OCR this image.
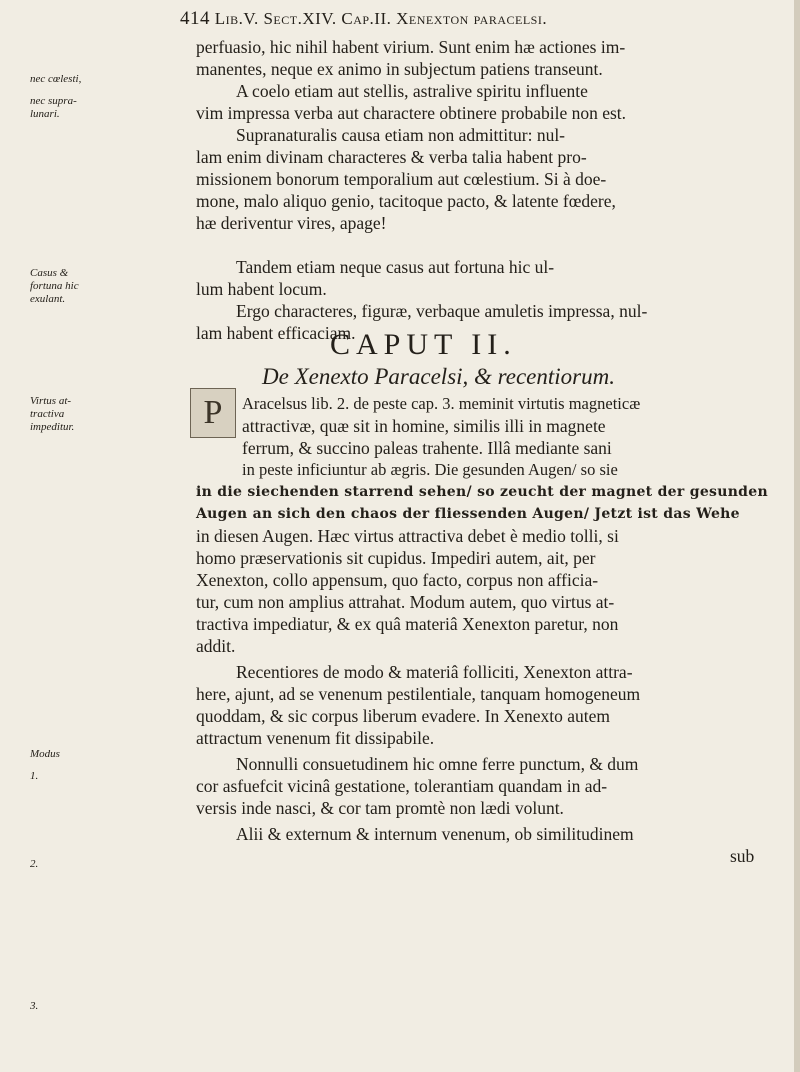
414 Lib.V. Sect.XIV. Cap.II. Xenexton paracelsi.
nec cœlesti,
nec supra-
lunari.
Casus &
fortuna hic
exulant.
Virtus at-
tractiva
impeditur.
Modus
1.
2.
3.
perfuasio, hic nihil habent virium. Sunt enim hæ actiones im-
manentes, neque ex animo in subjectum patiens transeunt.
A coelo etiam aut stellis, astralive spiritu influente
vim impressa verba aut charactere obtinere probabile non est.
Supranaturalis causa etiam non admittitur: nul-
lam enim divinam characteres & verba talia habent pro-
missionem bonorum temporalium aut cœlestium. Si à doe-
mone, malo aliquo genio, tacitoque pacto, & latente fœdere,
hæ deriventur vires, apage!
Tandem etiam neque casus aut fortuna hic ul-
lum habent locum.
Ergo characteres, figuræ, verbaque amuletis impressa, nul-
lam habent efficaciam.
CAPUT II.
De Xenexto Paracelsi, & recentiorum.
P	Aracelsus lib. 2. de peste cap. 3. meminit virtutis magneticæ
attractivæ, quæ sit in homine, similis illi in magnete
ferrum, & succino paleas trahente. Illâ mediante sani
in peste inficiuntur ab ægris. Die gesunden Augen/ so sie
in die siechenden starrend sehen/ so zeucht der magnet der gesunden
Augen an sich den chaos der fliessenden Augen/ Jetzt ist das Wehe
in diesen Augen. Hæc virtus attractiva debet è medio tolli, si
homo præservationis sit cupidus. Impediri autem, ait, per
Xenexton, collo appensum, quo facto, corpus non afficia-
tur, cum non amplius attrahat. Modum autem, quo virtus at-
tractiva impediatur, & ex quâ materiâ Xenexton paretur, non
addit.
Recentiores de modo & materiâ folliciti, Xenexton attra-
here, ajunt, ad se venenum pestilentiale, tanquam homogeneum
quoddam, & sic corpus liberum evadere. In Xenexto autem
attractum venenum fit dissipabile.
Nonnulli consuetudinem hic omne ferre punctum, & dum
cor asfuefcit vicinâ gestatione, tolerantiam quandam in ad-
versis inde nasci, & cor tam promtè non lædi volunt.
Alii & externum & internum venenum, ob similitudinem
sub
